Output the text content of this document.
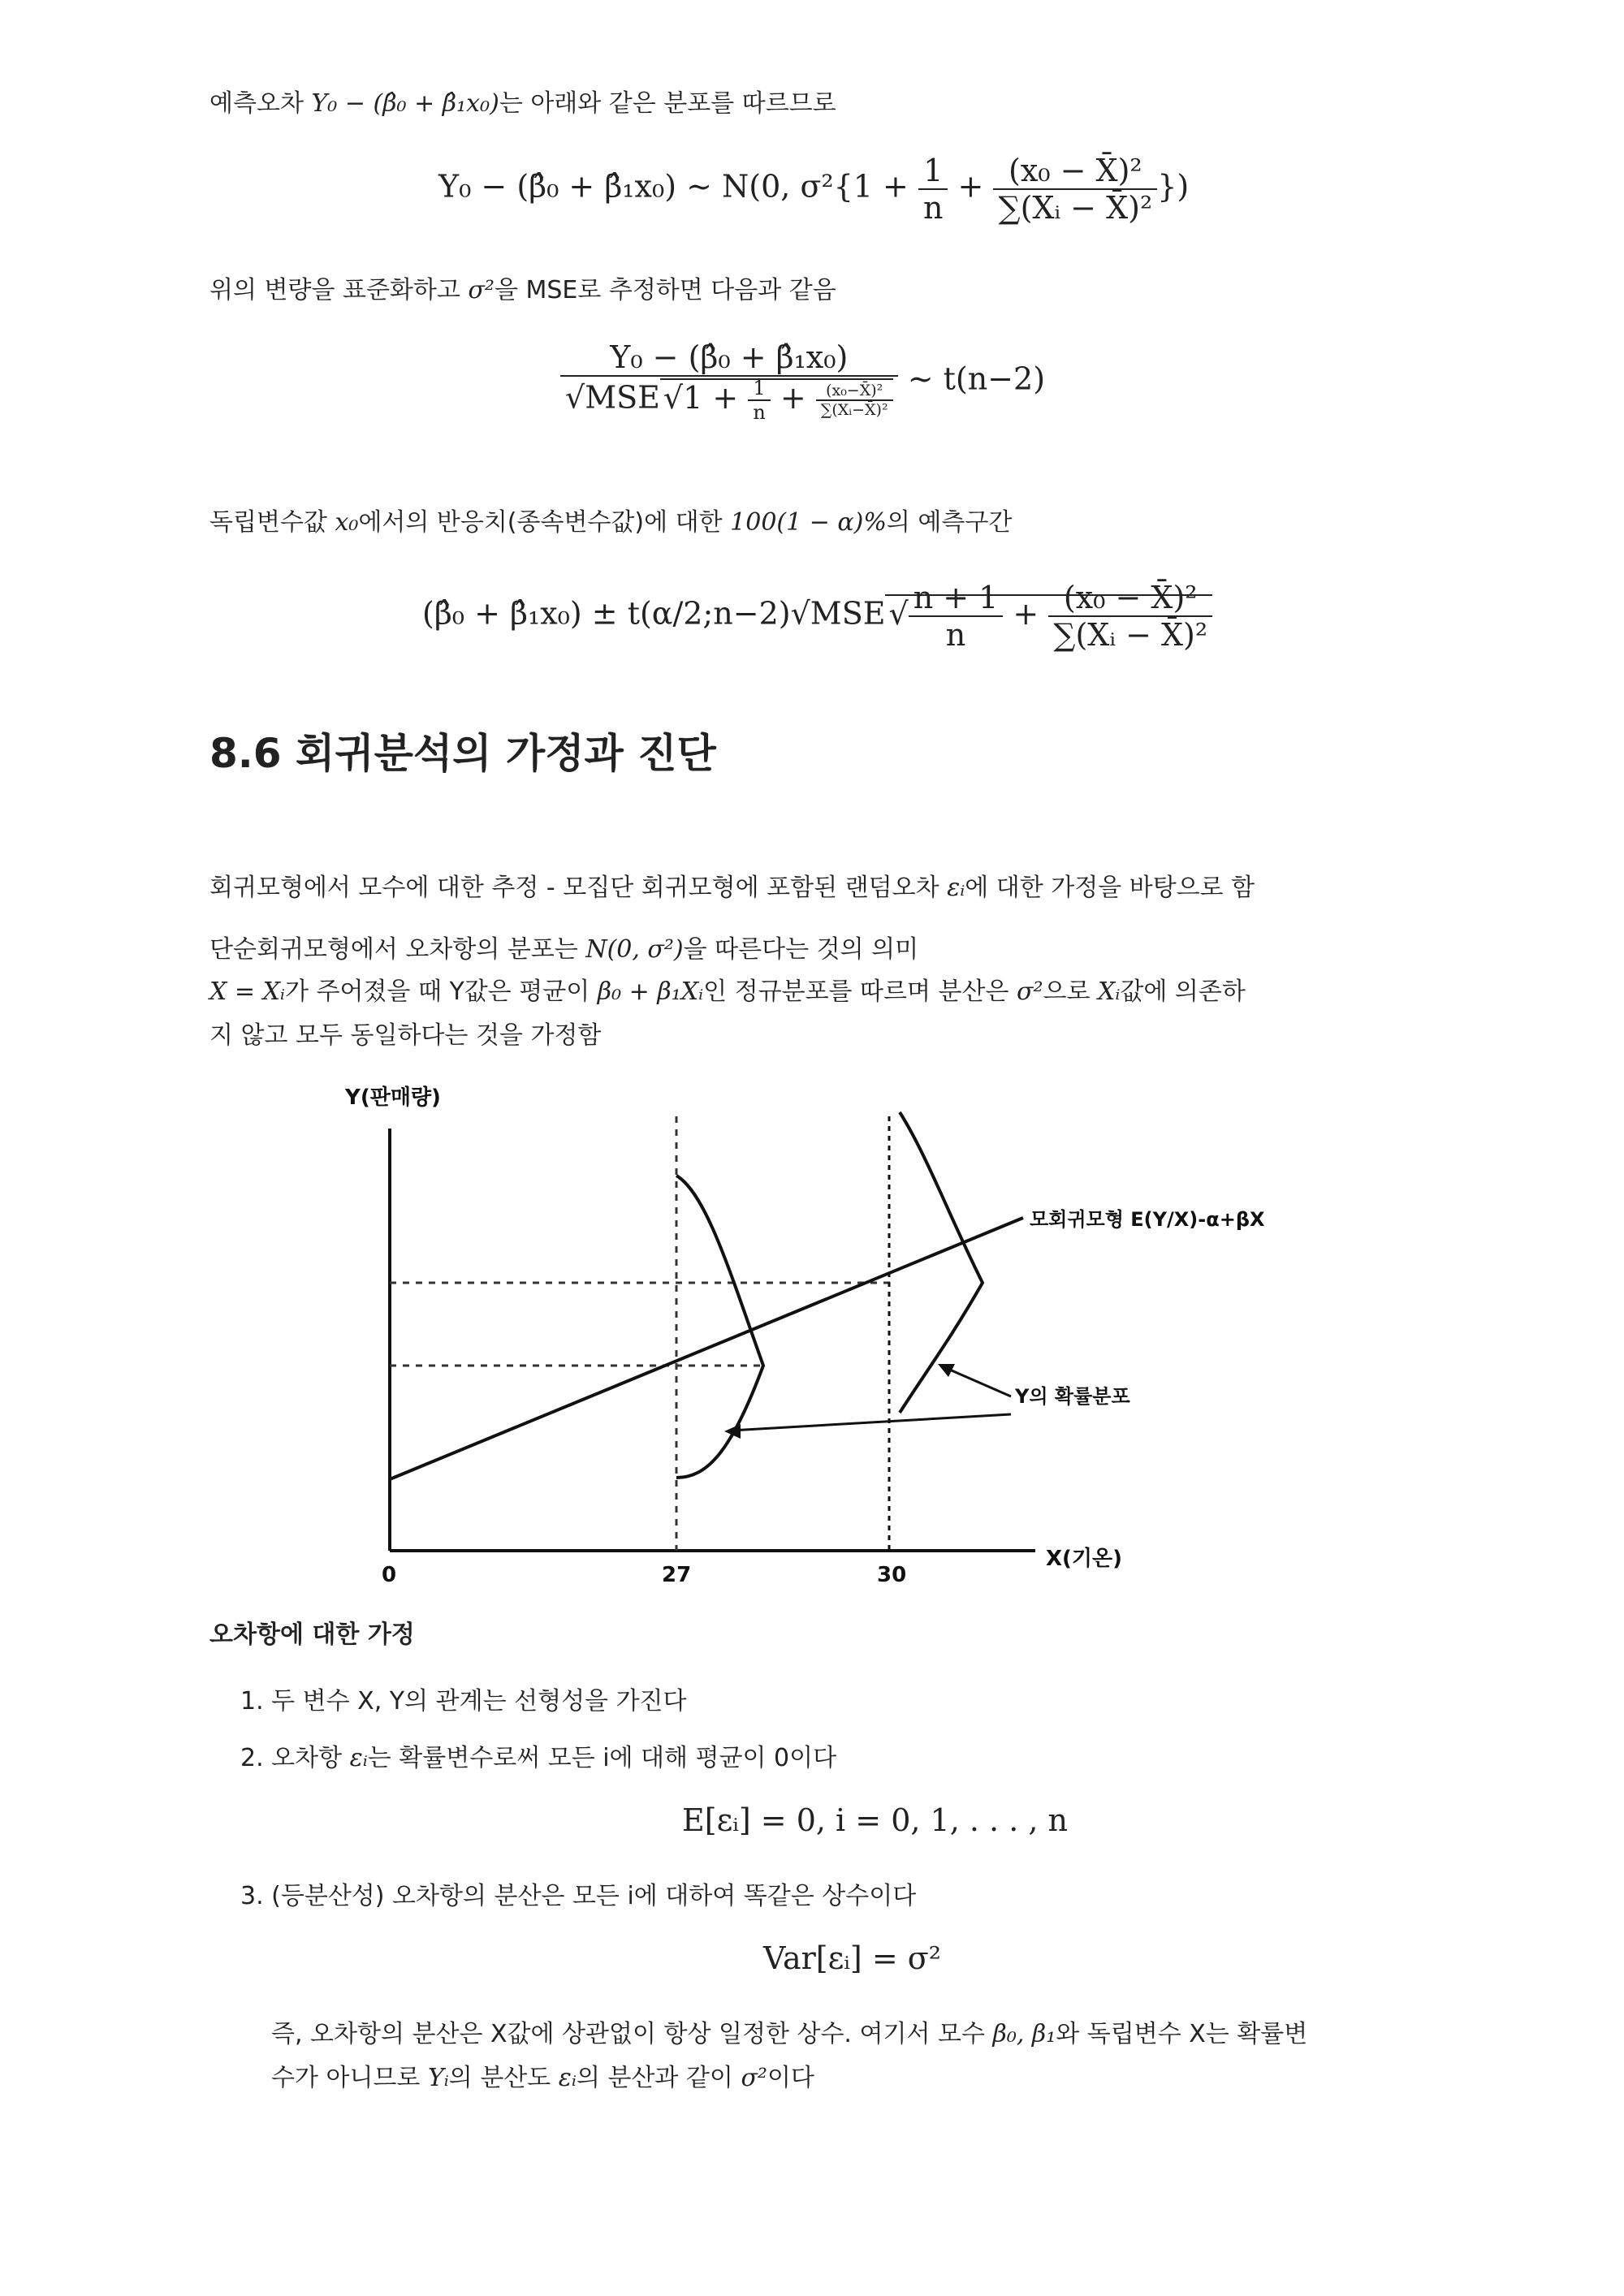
예측오차 Y₀ − (β̂₀ + β̂₁x₀)는 아래와 같은 분포를 따르므로
Y₀ − (β̂₀ + β̂₁x₀) ∼ N(0, $\sigma^2\{1 + \frac{1}{n} + \frac{\text{(x₀ − X̄)²}}{\text{∑(Xᵢ − X̄)²}}$ })
위의 변량을 표준화하고 σ²을 MSE로 추정하면 다음과 같음
$\frac{\text{Y₀ − (β̂₀ + β̂₁x₀)}}{√MSE √1 + \frac{1}{n} + \frac{\text{(x₀−X̄)²}}{\text{∑(Xᵢ−X̄)²}}}$ ∼ t(n−2)
독립변수값 x₀에서의 반응치(종속변수값)에 대한 100(1 − α)%의 예측구간
(β̂₀ + β̂₁x₀) ± t(α/2;n−2)√MSE √ $\frac{n + 1}{n} + \frac{\text{(x₀ − X̄)²}}{\text{∑(Xᵢ − X̄)²}}$
8.6 회귀분석의 가정과 진단
회귀모형에서 모수에 대한 추정 - 모집단 회귀모형에 포함된 랜덤오차 εᵢ에 대한 가정을 바탕으로 함
단순회귀모형에서 오차항의 분포는 N(0, σ²)을 따른다는 것의 의미
X = Xᵢ가 주어졌을 때 Y값은 평균이 β₀ + β₁Xᵢ인 정규분포를 따르며 분산은 σ²으로 Xᵢ값에 의존하
지 않고 모두 동일하다는 것을 가정함
Y(판매량)
X(기온)
0	27	30
모회귀모형 E(Y/X)-α+βX
Y의 확률분포
오차항에 대한 가정
1. 두 변수 X, Y의 관계는 선형성을 가진다
2. 오차항 εᵢ는 확률변수로써 모든 i에 대해 평균이 0이다
E[εᵢ] = 0, i = 0, 1, . . . , n
3. (등분산성) 오차항의 분산은 모든 i에 대하여 똑같은 상수이다
Var[εᵢ] = σ²
즉, 오차항의 분산은 X값에 상관없이 항상 일정한 상수. 여기서 모수 β₀, β₁와 독립변수 X는 확률변
수가 아니므로 Yᵢ의 분산도 εᵢ의 분산과 같이 σ²이다
